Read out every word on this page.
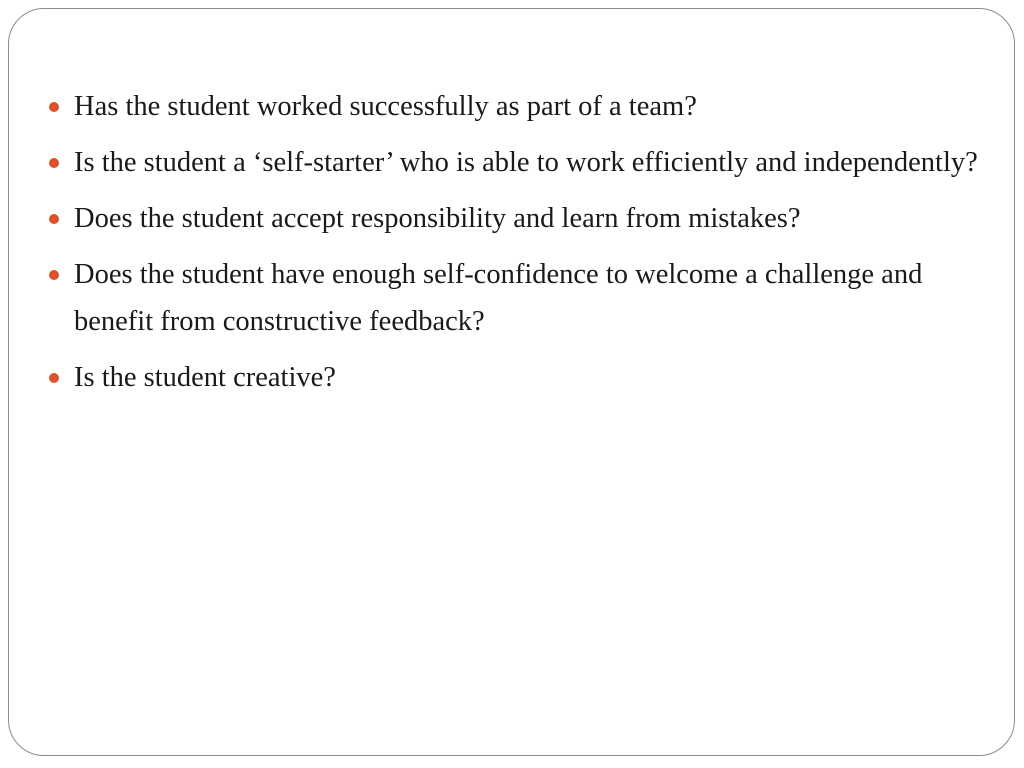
Has the student worked successfully as part of a team?
Is the student a ‘self-starter’ who is able to work efficiently and independently?
Does the student accept responsibility and learn from mistakes?
Does the student have enough self-confidence to welcome a challenge and benefit from constructive feedback?
Is the student creative?
